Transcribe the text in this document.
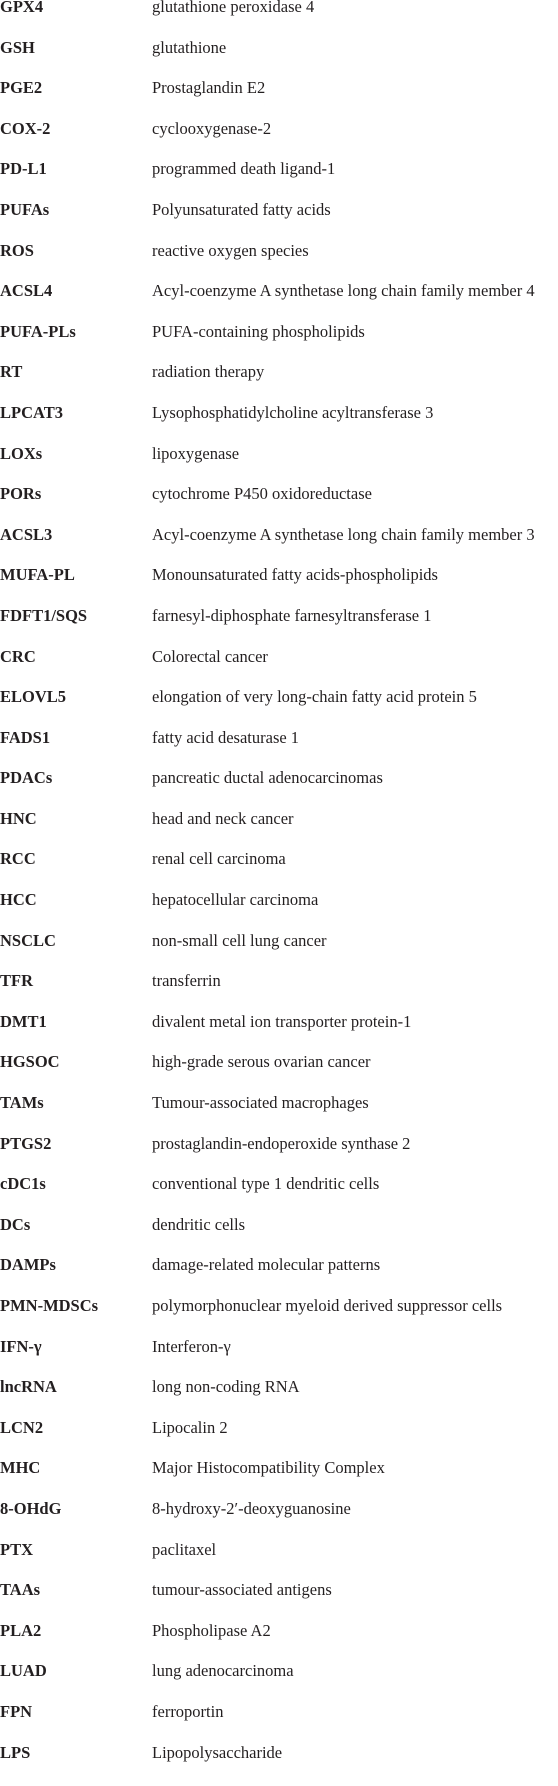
GPX4	glutathione peroxidase 4
GSH	glutathione
PGE2	Prostaglandin E2
COX-2	cyclooxygenase-2
PD-L1	programmed death ligand-1
PUFAs	Polyunsaturated fatty acids
ROS	reactive oxygen species
ACSL4	Acyl-coenzyme A synthetase long chain family member 4
PUFA-PLs	PUFA-containing phospholipids
RT	radiation therapy
LPCAT3	Lysophosphatidylcholine acyltransferase 3
LOXs	lipoxygenase
PORs	cytochrome P450 oxidoreductase
ACSL3	Acyl-coenzyme A synthetase long chain family member 3
MUFA-PL	Monounsaturated fatty acids-phospholipids
FDFT1/SQS	farnesyl-diphosphate farnesyltransferase 1
CRC	Colorectal cancer
ELOVL5	elongation of very long-chain fatty acid protein 5
FADS1	fatty acid desaturase 1
PDACs	pancreatic ductal adenocarcinomas
HNC	head and neck cancer
RCC	renal cell carcinoma
HCC	hepatocellular carcinoma
NSCLC	non-small cell lung cancer
TFR	transferrin
DMT1	divalent metal ion transporter protein-1
HGSOC	high-grade serous ovarian cancer
TAMs	Tumour-associated macrophages
PTGS2	prostaglandin-endoperoxide synthase 2
cDC1s	conventional type 1 dendritic cells
DCs	dendritic cells
DAMPs	damage-related molecular patterns
PMN-MDSCs	polymorphonuclear myeloid derived suppressor cells
IFN-γ	Interferon-γ
lncRNA	long non-coding RNA
LCN2	Lipocalin 2
MHC	Major Histocompatibility Complex
8-OHdG	8-hydroxy-2′-deoxyguanosine
PTX	paclitaxel
TAAs	tumour-associated antigens
PLA2	Phospholipase A2
LUAD	lung adenocarcinoma
FPN	ferroportin
LPS	Lipopolysaccharide
